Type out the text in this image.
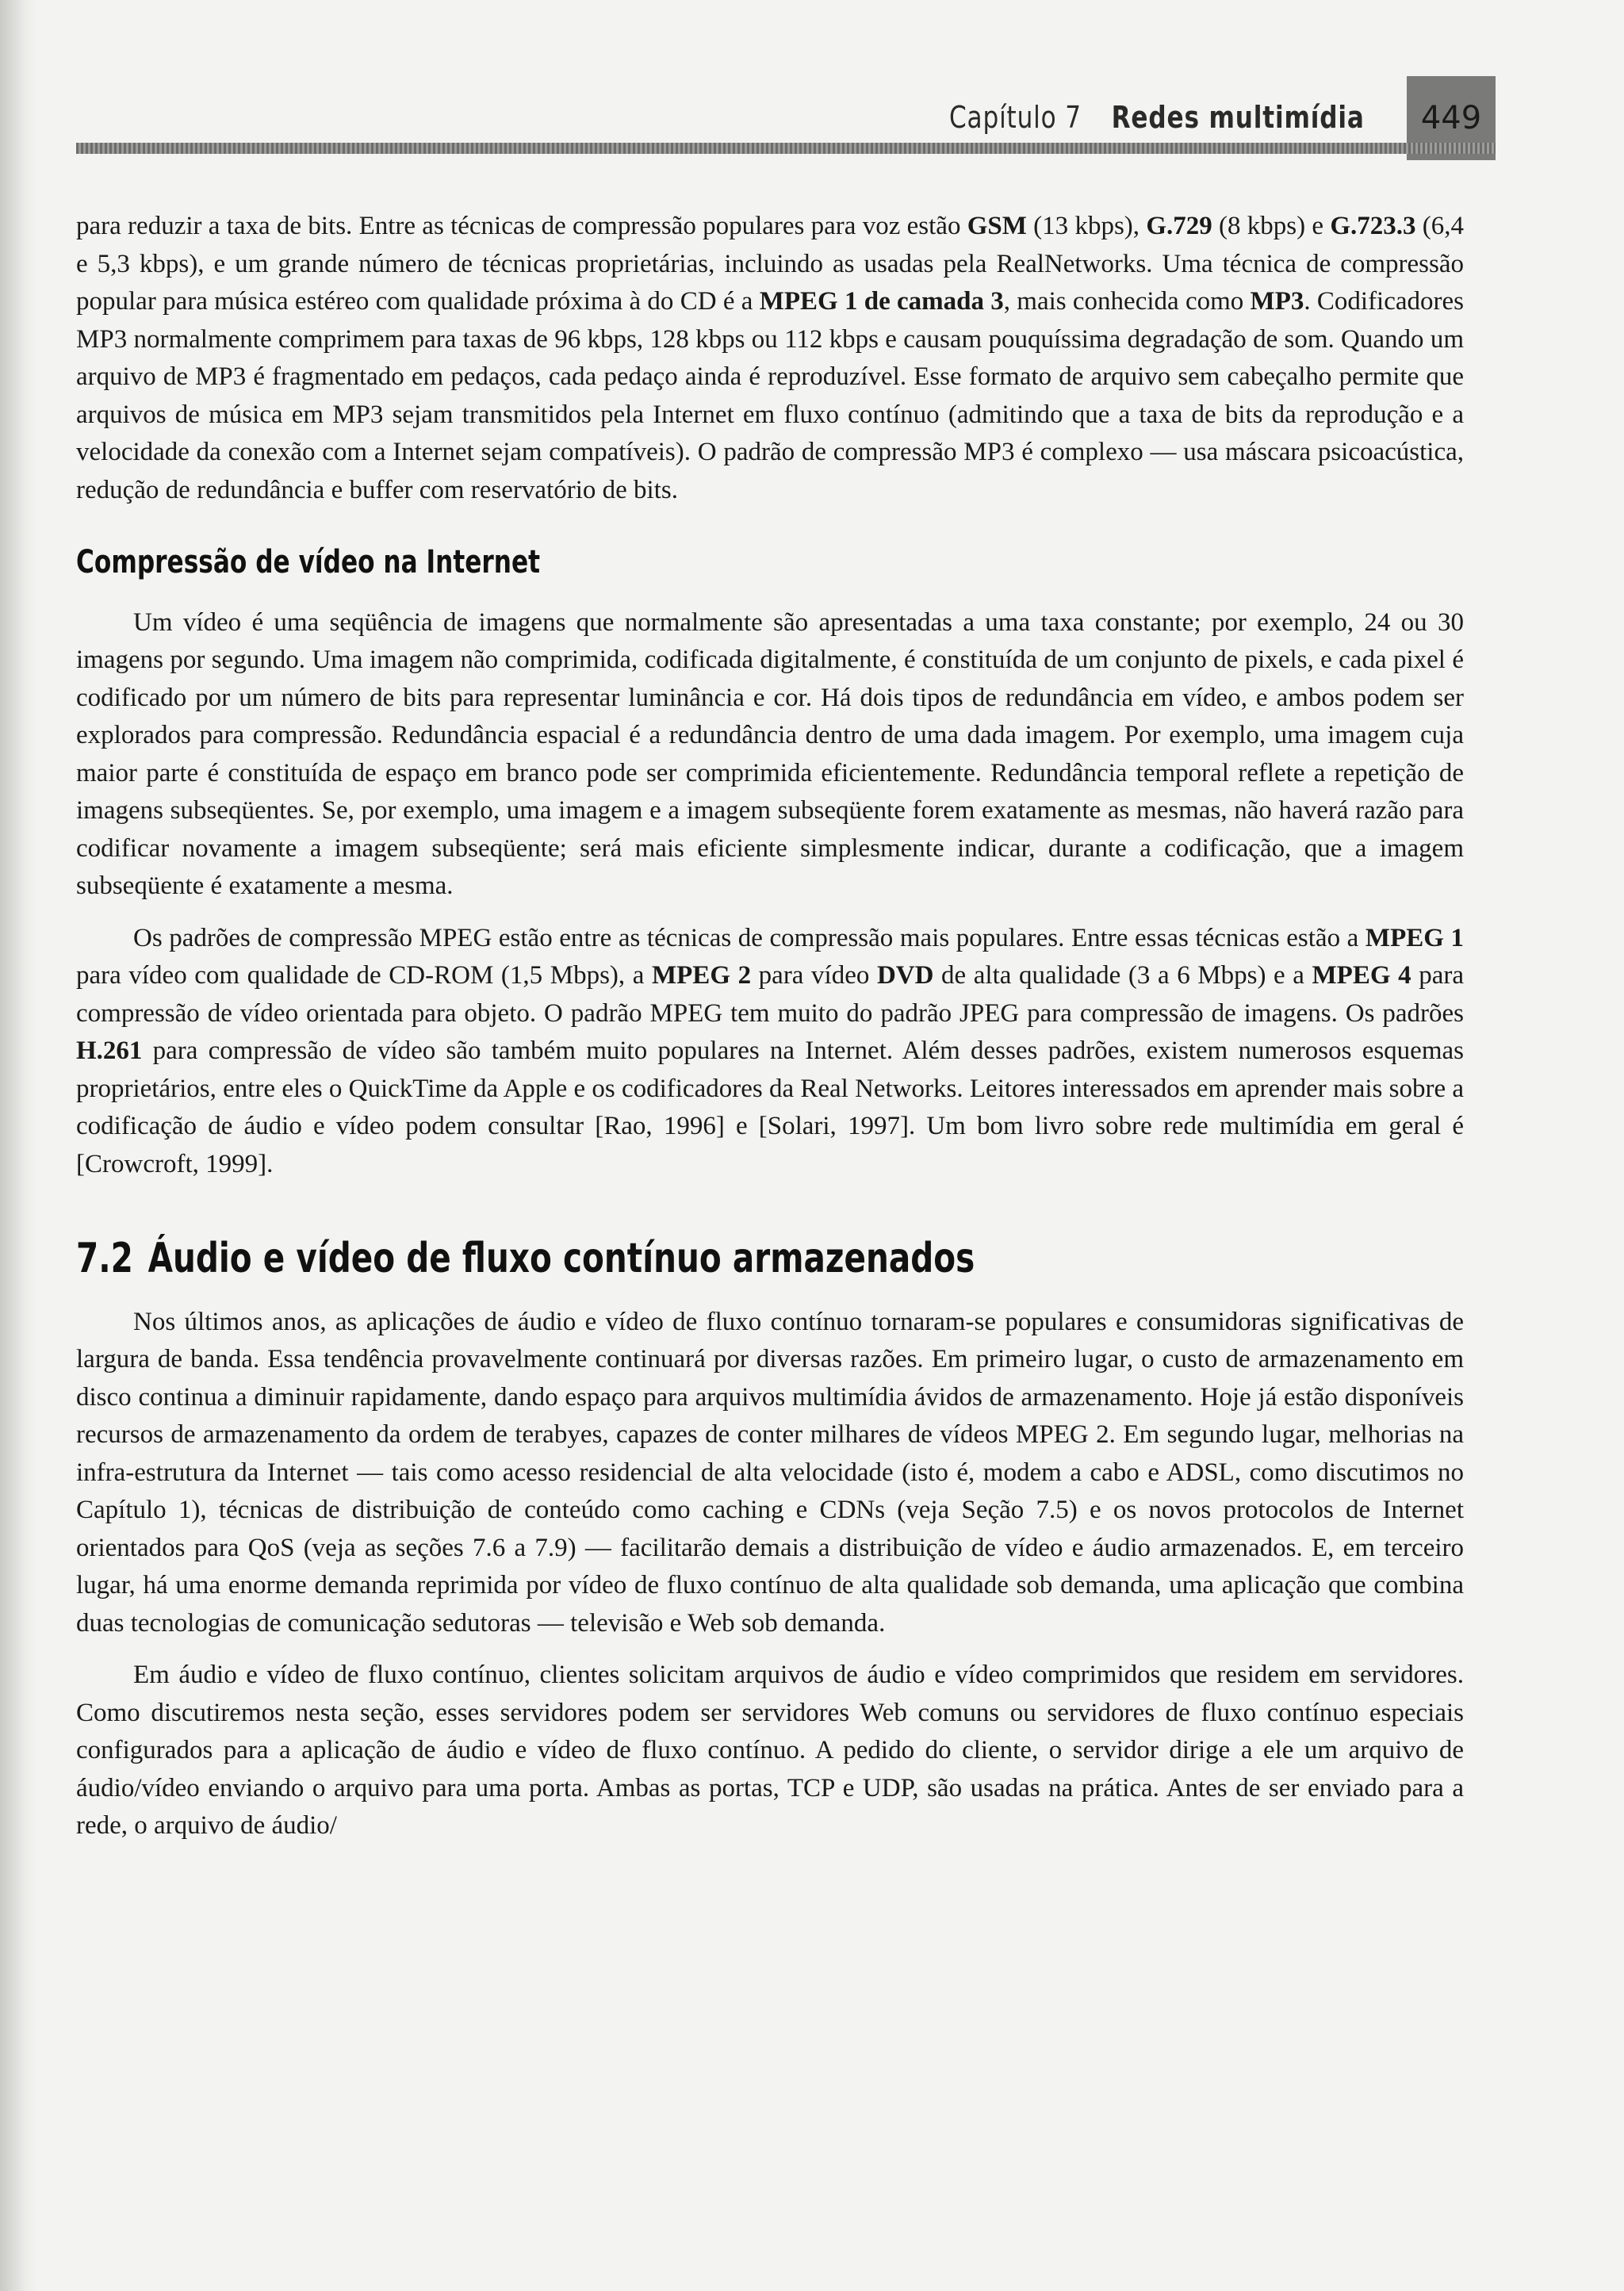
Capítulo 7 Redes multimídia	449

para reduzir a taxa de bits. Entre as técnicas de compressão populares para voz estão GSM (13 kbps), G.729 (8 kbps) e G.723.3 (6,4 e 5,3 kbps), e um grande número de técnicas proprietárias, incluindo as usadas pela RealNetworks. Uma técnica de compressão popular para música estéreo com qualidade próxima à do CD é a MPEG 1 de camada 3, mais conhecida como MP3. Codificadores MP3 normalmente comprimem para taxas de 96 kbps, 128 kbps ou 112 kbps e causam pouquíssima degradação de som. Quando um arquivo de MP3 é fragmentado em pedaços, cada pedaço ainda é reproduzível. Esse formato de arquivo sem cabeçalho permite que arquivos de música em MP3 sejam transmitidos pela Internet em fluxo contínuo (admitindo que a taxa de bits da reprodução e a velocidade da conexão com a Internet sejam compatíveis). O padrão de compressão MP3 é complexo — usa máscara psicoacústica, redução de redundância e buffer com reservatório de bits.

Compressão de vídeo na Internet

Um vídeo é uma seqüência de imagens que normalmente são apresentadas a uma taxa constante; por exemplo, 24 ou 30 imagens por segundo. Uma imagem não comprimida, codificada digitalmente, é constituída de um conjunto de pixels, e cada pixel é codificado por um número de bits para representar luminância e cor. Há dois tipos de redundância em vídeo, e ambos podem ser explorados para compressão. Redundância espacial é a redundância dentro de uma dada imagem. Por exemplo, uma imagem cuja maior parte é constituída de espaço em branco pode ser comprimida eficientemente. Redundância temporal reflete a repetição de imagens subseqüentes. Se, por exemplo, uma imagem e a imagem subseqüente forem exatamente as mesmas, não haverá razão para codificar novamente a imagem subseqüente; será mais eficiente simplesmente indicar, durante a codificação, que a imagem subseqüente é exatamente a mesma.

Os padrões de compressão MPEG estão entre as técnicas de compressão mais populares. Entre essas técnicas estão a MPEG 1 para vídeo com qualidade de CD-ROM (1,5 Mbps), a MPEG 2 para vídeo DVD de alta qualidade (3 a 6 Mbps) e a MPEG 4 para compressão de vídeo orientada para objeto. O padrão MPEG tem muito do padrão JPEG para compressão de imagens. Os padrões H.261 para compressão de vídeo são também muito populares na Internet. Além desses padrões, existem numerosos esquemas proprietários, entre eles o QuickTime da Apple e os codificadores da Real Networks. Leitores interessados em aprender mais sobre a codificação de áudio e vídeo podem consultar [Rao, 1996] e [Solari, 1997]. Um bom livro sobre rede multimídia em geral é [Crowcroft, 1999].

7.2 Áudio e vídeo de fluxo contínuo armazenados

Nos últimos anos, as aplicações de áudio e vídeo de fluxo contínuo tornaram-se populares e consumidoras significativas de largura de banda. Essa tendência provavelmente continuará por diversas razões. Em primeiro lugar, o custo de armazenamento em disco continua a diminuir rapidamente, dando espaço para arquivos multimídia ávidos de armazenamento. Hoje já estão disponíveis recursos de armazenamento da ordem de terabyes, capazes de conter milhares de vídeos MPEG 2. Em segundo lugar, melhorias na infra-estrutura da Internet — tais como acesso residencial de alta velocidade (isto é, modem a cabo e ADSL, como discutimos no Capítulo 1), técnicas de distribuição de conteúdo como caching e CDNs (veja Seção 7.5) e os novos protocolos de Internet orientados para QoS (veja as seções 7.6 a 7.9) — facilitarão demais a distribuição de vídeo e áudio armazenados. E, em terceiro lugar, há uma enorme demanda reprimida por vídeo de fluxo contínuo de alta qualidade sob demanda, uma aplicação que combina duas tecnologias de comunicação sedutoras — televisão e Web sob demanda.

Em áudio e vídeo de fluxo contínuo, clientes solicitam arquivos de áudio e vídeo comprimidos que residem em servidores. Como discutiremos nesta seção, esses servidores podem ser servidores Web comuns ou servidores de fluxo contínuo especiais configurados para a aplicação de áudio e vídeo de fluxo contínuo. A pedido do cliente, o servidor dirige a ele um arquivo de áudio/vídeo enviando o arquivo para uma porta. Ambas as portas, TCP e UDP, são usadas na prática. Antes de ser enviado para a rede, o arquivo de áudio/
